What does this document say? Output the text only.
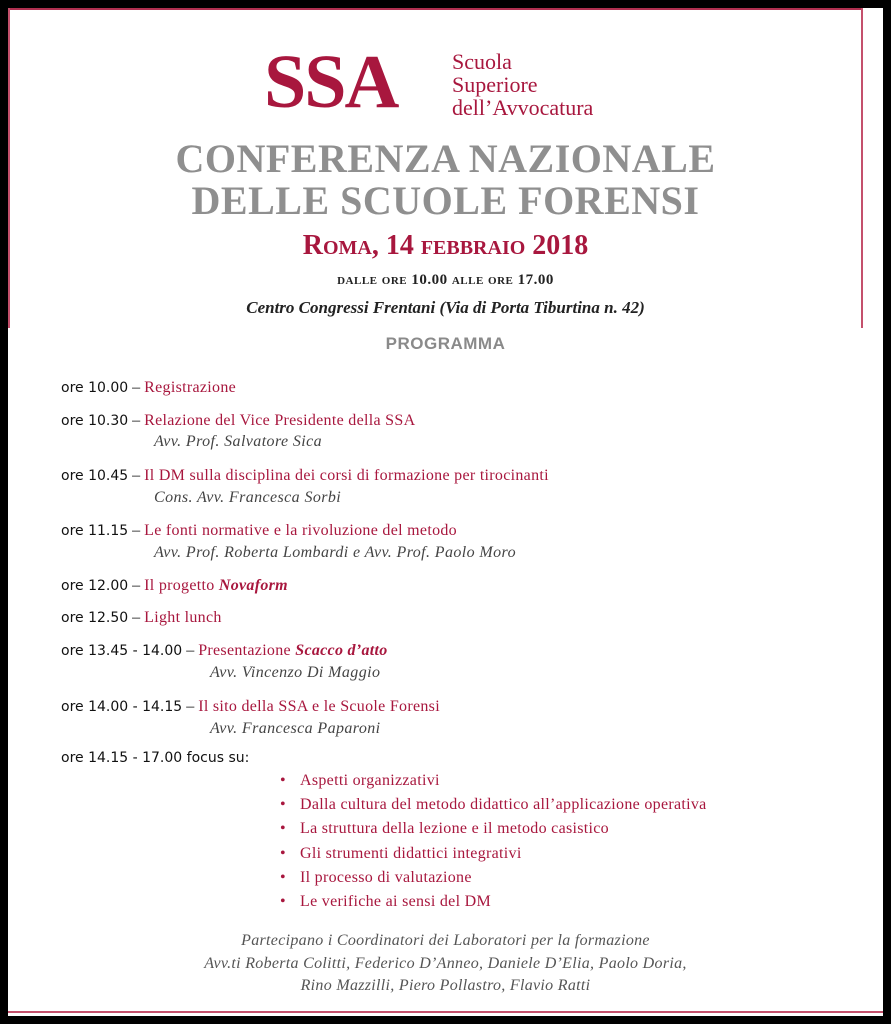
SSA Scuola
Superiore
dell’Avvocatura
CONFERENZA NAZIONALE
DELLE SCUOLE FORENSI
Roma, 14 febbraio 2018
dalle ore 10.00 alle ore 17.00
Centro Congressi Frentani (Via di Porta Tiburtina n. 42)
PROGRAMMA
ore 10.00 – Registrazione
ore 10.30 – Relazione del Vice Presidente della SSA
Avv. Prof. Salvatore Sica
ore 10.45 – Il DM sulla disciplina dei corsi di formazione per tirocinanti
Cons. Avv. Francesca Sorbi
ore 11.15 – Le fonti normative e la rivoluzione del metodo
Avv. Prof. Roberta Lombardi e Avv. Prof. Paolo Moro
ore 12.00 – Il progetto Novaform
ore 12.50 – Light lunch
ore 13.45 - 14.00 – Presentazione Scacco d’atto
Avv. Vincenzo Di Maggio
ore 14.00 - 14.15 – Il sito della SSA e le Scuole Forensi
Avv. Francesca Paparoni
ore 14.15 - 17.00 focus su:
• Aspetti organizzativi
• Dalla cultura del metodo didattico all’applicazione operativa
• La struttura della lezione e il metodo casistico
• Gli strumenti didattici integrativi
• Il processo di valutazione
• Le verifiche ai sensi del DM
Partecipano i Coordinatori dei Laboratori per la formazione
Avv.ti Roberta Colitti, Federico D’Anneo, Daniele D’Elia, Paolo Doria,
Rino Mazzilli, Piero Pollastro, Flavio Ratti
